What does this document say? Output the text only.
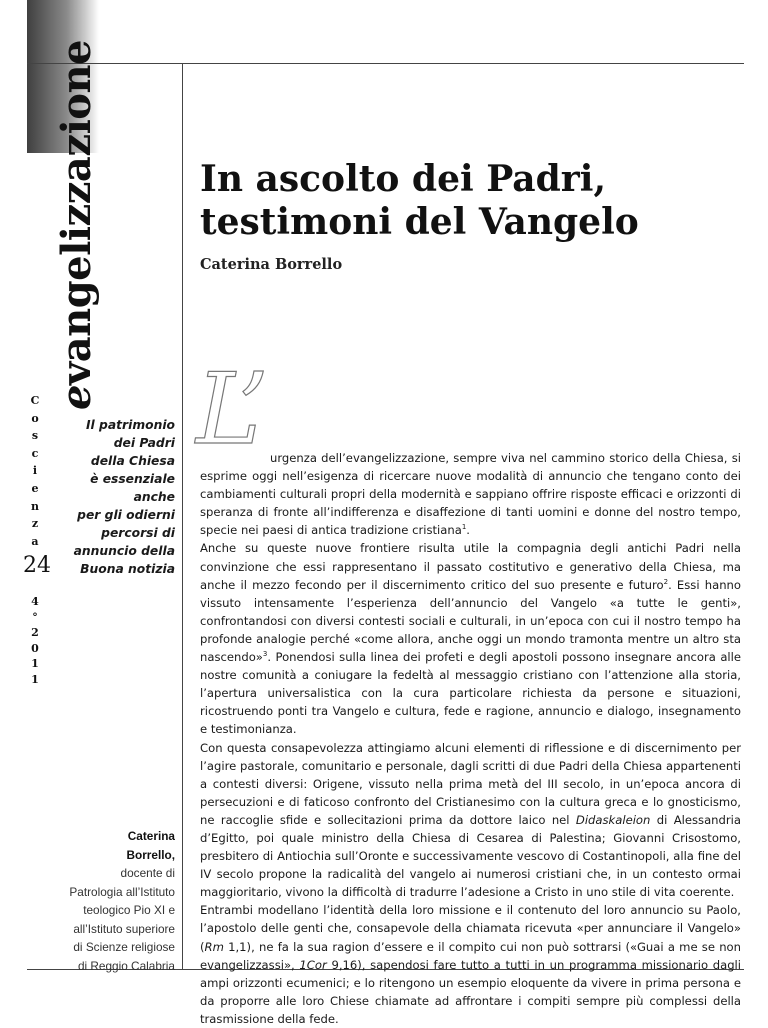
evangelizzazione
C
o
s
c
i
e
n
z
a
24
4
°
2
0
1
1
Il patrimonio
dei Padri
della Chiesa
è essenziale
anche
per gli odierni
percorsi di
annuncio della
Buona notizia
Caterina
Borrello,
docente di
Patrologia all’Istituto
teologico Pio XI e
all’Istituto superiore
di Scienze religiose
di Reggio Calabria
In ascolto dei Padri,
testimoni del Vangelo
Caterina Borrello
L’ urgenza dell’evangelizzazione, sempre viva nel cammino storico della Chiesa, si esprime oggi nell’esigenza di ricercare nuove modalità di annuncio che tengano conto dei cambiamenti culturali propri della modernità e sappiano offrire risposte efficaci e orizzonti di speranza di fronte all’indifferenza e disaffezione di tanti uomini e donne del nostro tempo, specie nei paesi di antica tradizione cristiana$^1$.

Anche su queste nuove frontiere risulta utile la compagnia degli antichi Padri nella convinzione che essi rappresentano il passato costitutivo e generativo della Chiesa, ma anche il mezzo fecondo per il discernimento critico del suo presente e futuro$^2$. Essi hanno vissuto intensamente l’esperienza dell’annuncio del Vangelo «a tutte le genti», confrontandosi con diversi contesti sociali e culturali, in un’epoca con cui il nostro tempo ha profonde analogie perché «come allora, anche oggi un mondo tramonta mentre un altro sta nascendo»$^3$. Ponendosi sulla linea dei profeti e degli apostoli possono insegnare ancora alle nostre comunità a coniugare la fedeltà al messaggio cristiano con l’attenzione alla storia, l’apertura universalistica con la cura particolare richiesta da persone e situazioni, ricostruendo ponti tra Vangelo e cultura, fede e ragione, annuncio e dialogo, insegnamento e testimonianza.

Con questa consapevolezza attingiamo alcuni elementi di riflessione e di discernimento per l’agire pastorale, comunitario e personale, dagli scritti di due Padri della Chiesa appartenenti a contesti diversi: Origene, vissuto nella prima metà del III secolo, in un’epoca ancora di persecuzioni e di faticoso confronto del Cristianesimo con la cultura greca e lo gnosticismo, ne raccoglie sfide e sollecitazioni prima da dottore laico nel Didaskaleion di Alessandria d’Egitto, poi quale ministro della Chiesa di Cesarea di Palestina; Giovanni Crisostomo, presbitero di Antiochia sull’Oronte e successivamente vescovo di Costantinopoli, alla fine del IV secolo propone la radicalità del vangelo ai numerosi cristiani che, in un contesto ormai maggioritario, vivono la difficoltà di tradurre l’adesione a Cristo in uno stile di vita coerente.

Entrambi modellano l’identità della loro missione e il contenuto del loro annuncio su Paolo, l’apostolo delle genti che, consapevole della chiamata ricevuta «per annunciare il Vangelo» (Rm 1,1), ne fa la sua ragion d’essere e il compito cui non può sottrarsi («Guai a me se non evangelizzassi», 1Cor 9,16), sapendosi fare tutto a tutti in un programma missionario dagli ampi orizzonti ecumenici; e lo ritengono un esempio eloquente da vivere in prima persona e da proporre alle loro Chiese chiamate ad affrontare i compiti sempre più complessi della trasmissione della fede.
